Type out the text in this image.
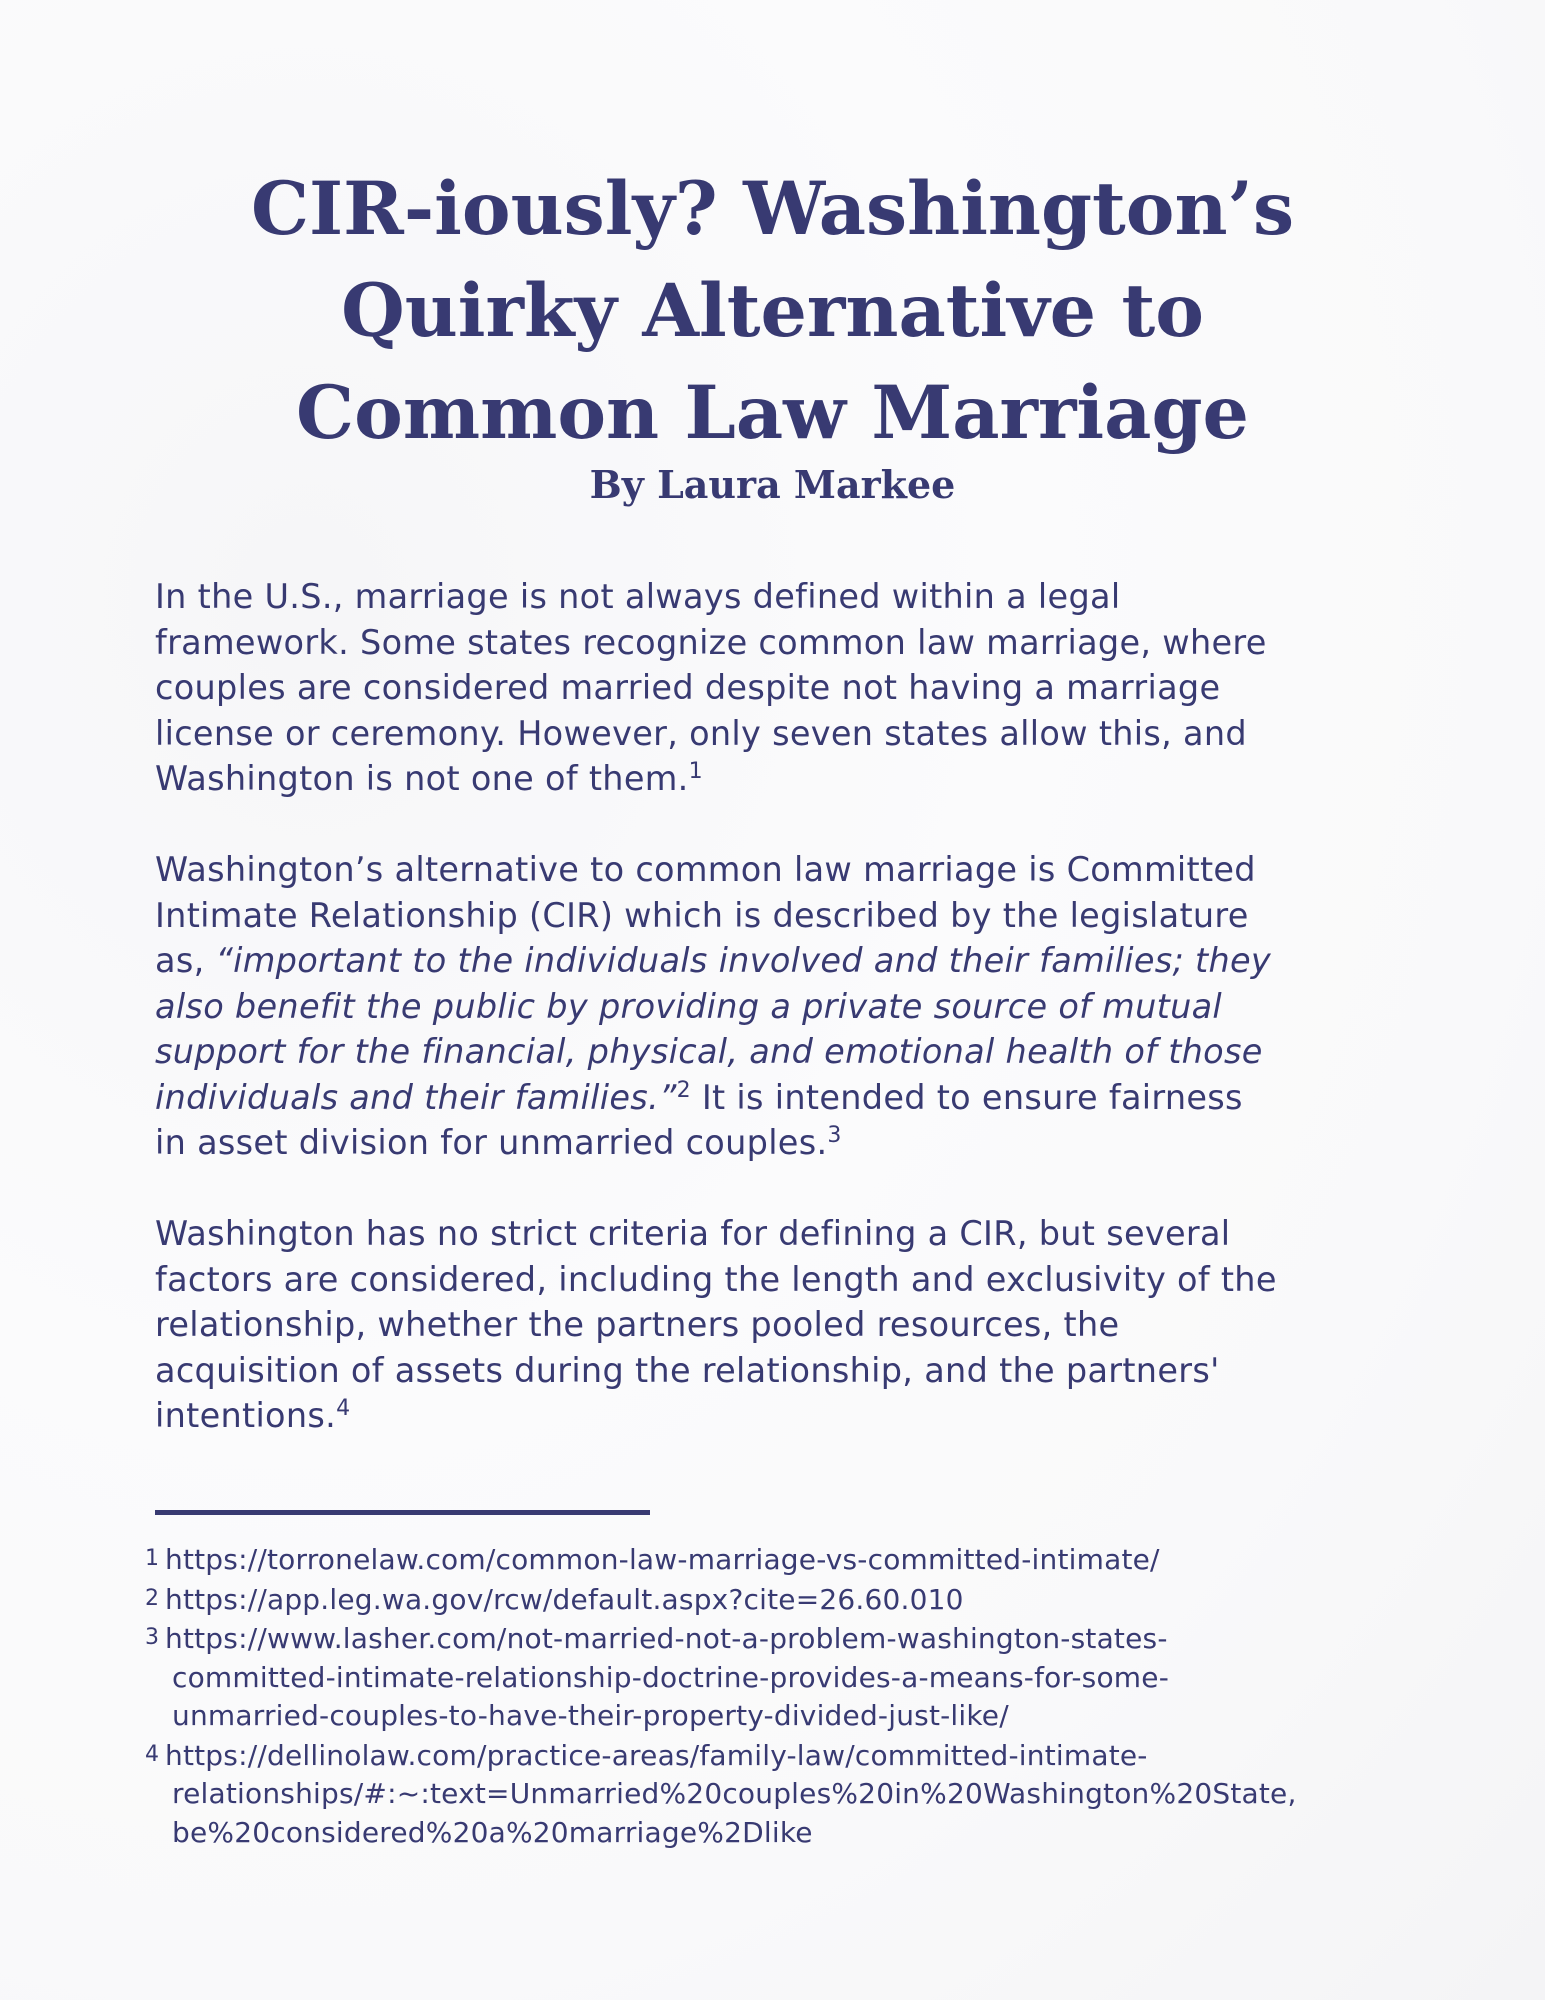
CIR-iously? Washington’s
Quirky Alternative to
Common Law Marriage

By Laura Markee

In the U.S., marriage is not always defined within a legal
framework. Some states recognize common law marriage, where
couples are considered married despite not having a marriage
license or ceremony. However, only seven states allow this, and
Washington is not one of them.$^1$

Washington’s alternative to common law marriage is Committed
Intimate Relationship (CIR) which is described by the legislature
as, “important to the individuals involved and their families; they
also benefit the public by providing a private source of mutual
support for the financial, physical, and emotional health of those
individuals and their families.”$^2$ It is intended to ensure fairness
in asset division for unmarried couples.$^3$

Washington has no strict criteria for defining a CIR, but several
factors are considered, including the length and exclusivity of the
relationship, whether the partners pooled resources, the
acquisition of assets during the relationship, and the partners'
intentions.$^4$

1 https://torronelaw.com/common-law-marriage-vs-committed-intimate/
2 https://app.leg.wa.gov/rcw/default.aspx?cite=26.60.010
3 https://www.lasher.com/not-married-not-a-problem-washington-states-
committed-intimate-relationship-doctrine-provides-a-means-for-some-
unmarried-couples-to-have-their-property-divided-just-like/
4 https://dellinolaw.com/practice-areas/family-law/committed-intimate-
relationships/#:~:text=Unmarried%20couples%20in%20Washington%20State,
be%20considered%20a%20marriage%2Dlike
